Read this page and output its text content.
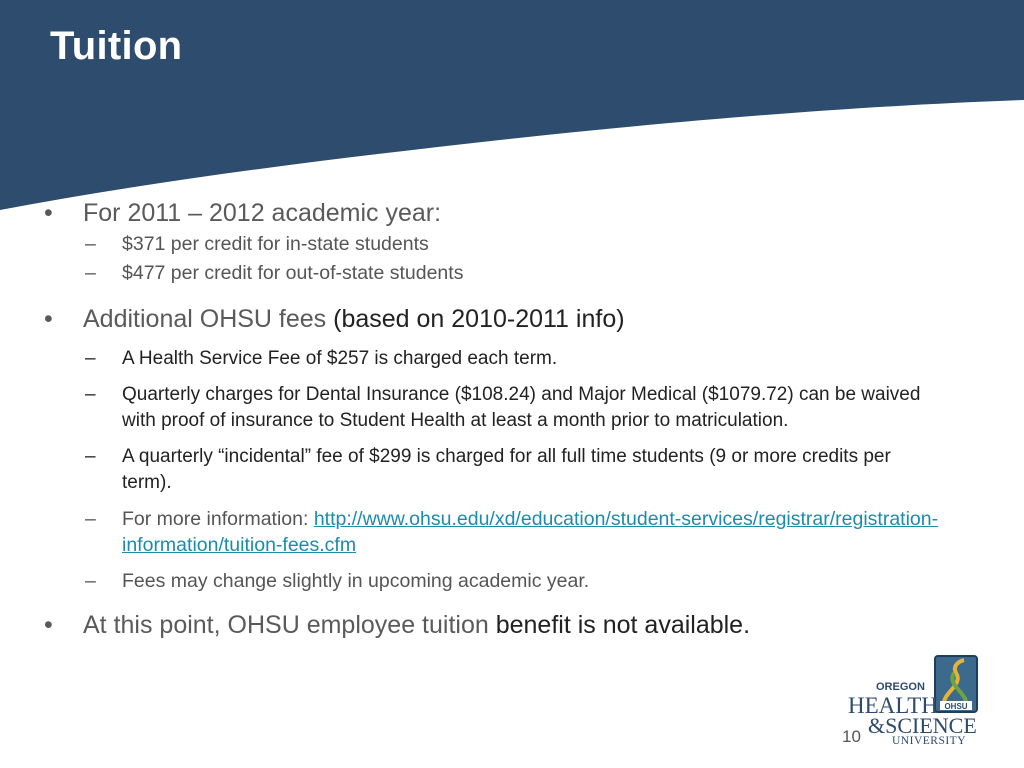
Tuition
• For 2011 – 2012 academic year:
– $371 per credit for in-state students
– $477 per credit for out-of-state students
• Additional OHSU fees (based on 2010-2011 info)
– A Health Service Fee of $257 is charged each term.
– Quarterly charges for Dental Insurance ($108.24) and Major Medical ($1079.72) can be waived with proof of insurance to Student Health at least a month prior to matriculation.
– A quarterly “incidental” fee of $299 is charged for all full time students (9 or more credits per term).
– For more information: http://www.ohsu.edu/xd/education/student-services/registrar/registration-information/tuition-fees.cfm
– Fees may change slightly in upcoming academic year.
• At this point, OHSU employee tuition benefit is not available.
OHSU
OREGON
HEALTH
&SCIENCE
UNIVERSITY
10
